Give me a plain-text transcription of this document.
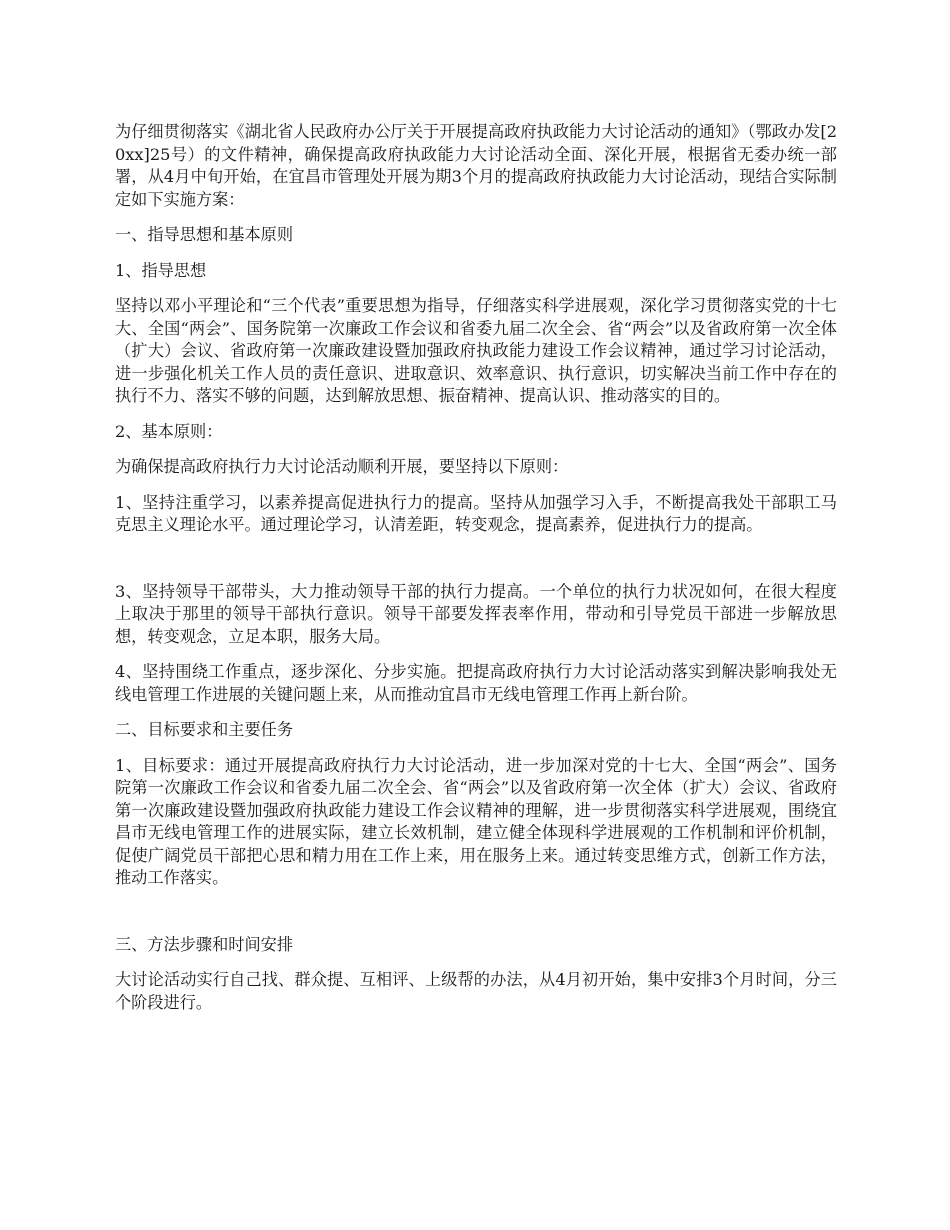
为仔细贯彻落实《湖北省人民政府办公厅关于开展提高政府执政能力大讨论活动的通知》（鄂政办发[20xx]25号）的文件精神，确保提高政府执政能力大讨论活动全面、深化开展，根据省无委办统一部署，从4月中旬开始，在宜昌市管理处开展为期3个月的提高政府执政能力大讨论活动，现结合实际制定如下实施方案：

一、指导思想和基本原则

1、指导思想

坚持以邓小平理论和“三个代表”重要思想为指导，仔细落实科学进展观，深化学习贯彻落实党的十七大、全国“两会”、国务院第一次廉政工作会议和省委九届二次全会、省“两会”以及省政府第一次全体（扩大）会议、省政府第一次廉政建设暨加强政府执政能力建设工作会议精神，通过学习讨论活动，进一步强化机关工作人员的责任意识、进取意识、效率意识、执行意识，切实解决当前工作中存在的执行不力、落实不够的问题，达到解放思想、振奋精神、提高认识、推动落实的目的。

2、基本原则：

为确保提高政府执行力大讨论活动顺利开展，要坚持以下原则：

1、坚持注重学习，以素养提高促进执行力的提高。坚持从加强学习入手，不断提高我处干部职工马克思主义理论水平。通过理论学习，认清差距，转变观念，提高素养，促进执行力的提高。

3、坚持领导干部带头，大力推动领导干部的执行力提高。一个单位的执行力状况如何，在很大程度上取决于那里的领导干部执行意识。领导干部要发挥表率作用，带动和引导党员干部进一步解放思想，转变观念，立足本职，服务大局。

4、坚持围绕工作重点，逐步深化、分步实施。把提高政府执行力大讨论活动落实到解决影响我处无线电管理工作进展的关键问题上来，从而推动宜昌市无线电管理工作再上新台阶。

二、目标要求和主要任务

1、目标要求：通过开展提高政府执行力大讨论活动，进一步加深对党的十七大、全国“两会”、国务院第一次廉政工作会议和省委九届二次全会、省“两会”以及省政府第一次全体（扩大）会议、省政府第一次廉政建设暨加强政府执政能力建设工作会议精神的理解，进一步贯彻落实科学进展观，围绕宜昌市无线电管理工作的进展实际，建立长效机制，建立健全体现科学进展观的工作机制和评价机制，促使广阔党员干部把心思和精力用在工作上来，用在服务上来。通过转变思维方式，创新工作方法，推动工作落实。

三、方法步骤和时间安排

大讨论活动实行自己找、群众提、互相评、上级帮的办法，从4月初开始，集中安排3个月时间，分三个阶段进行。
